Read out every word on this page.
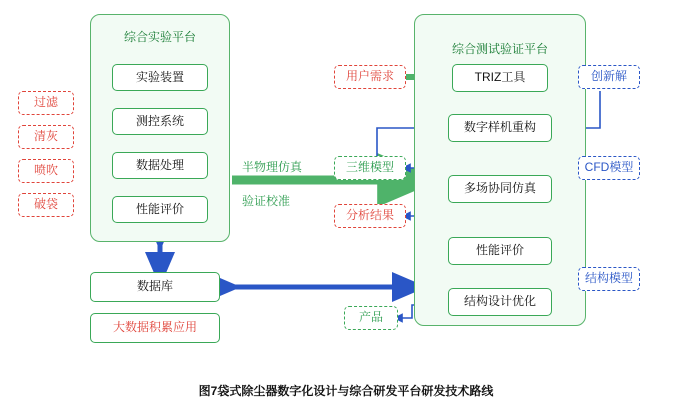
综合实验平台
实验装置
测控系统
数据处理
性能评价
过滤
清灰
喷吹
破袋
数据库
大数据积累应用
半物理仿真
验证校准
综合测试验证平台
TRIZ工具
数字样机重构
多场协同仿真
性能评价
结构设计优化
用户需求
分析结果
三维模型
创新解
CFD模型
结构模型
产品
图7袋式除尘器数字化设计与综合研发平台研发技术路线
